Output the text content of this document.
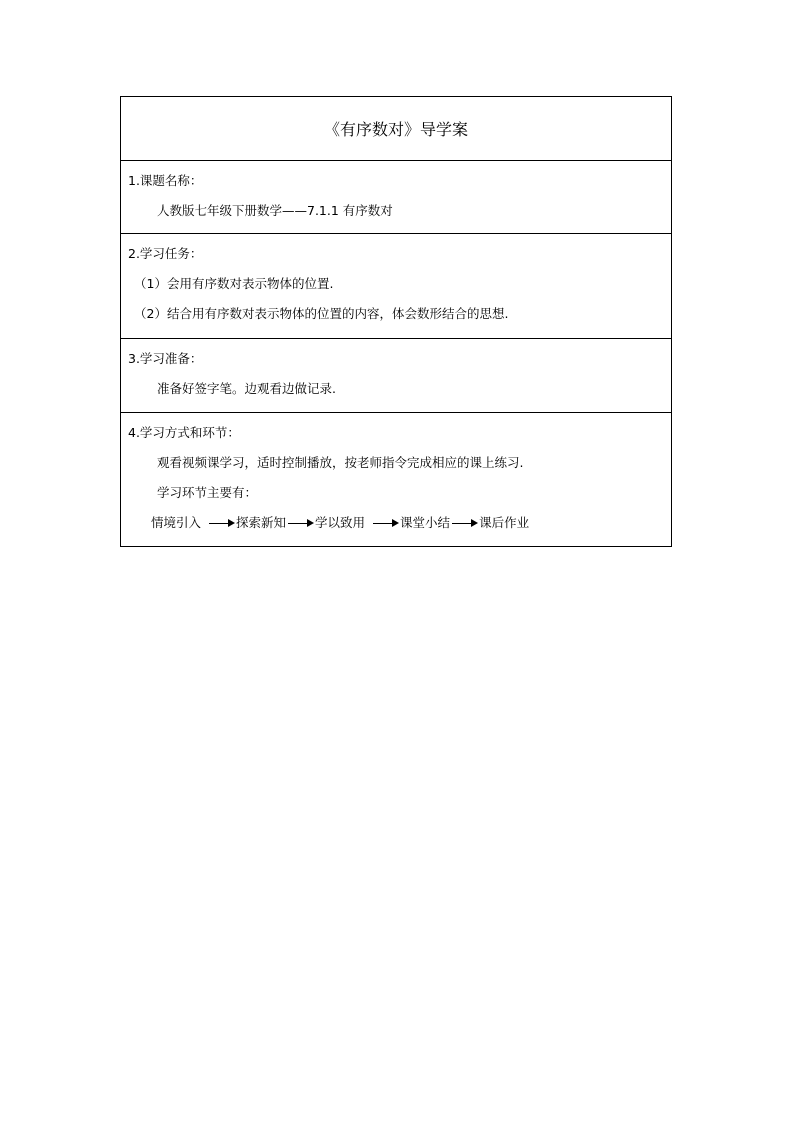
《有序数对》导学案
1.课题名称：
人教版七年级下册数学——7.1.1 有序数对
2.学习任务：
（1）会用有序数对表示物体的位置.
（2）结合用有序数对表示物体的位置的内容，体会数形结合的思想.
3.学习准备：
准备好签字笔。边观看边做记录.
4.学习方式和环节：
观看视频课学习，适时控制播放，按老师指令完成相应的课上练习.
学习环节主要有：
情境引入	探索新知 学以致用	课堂小结 课后作业
